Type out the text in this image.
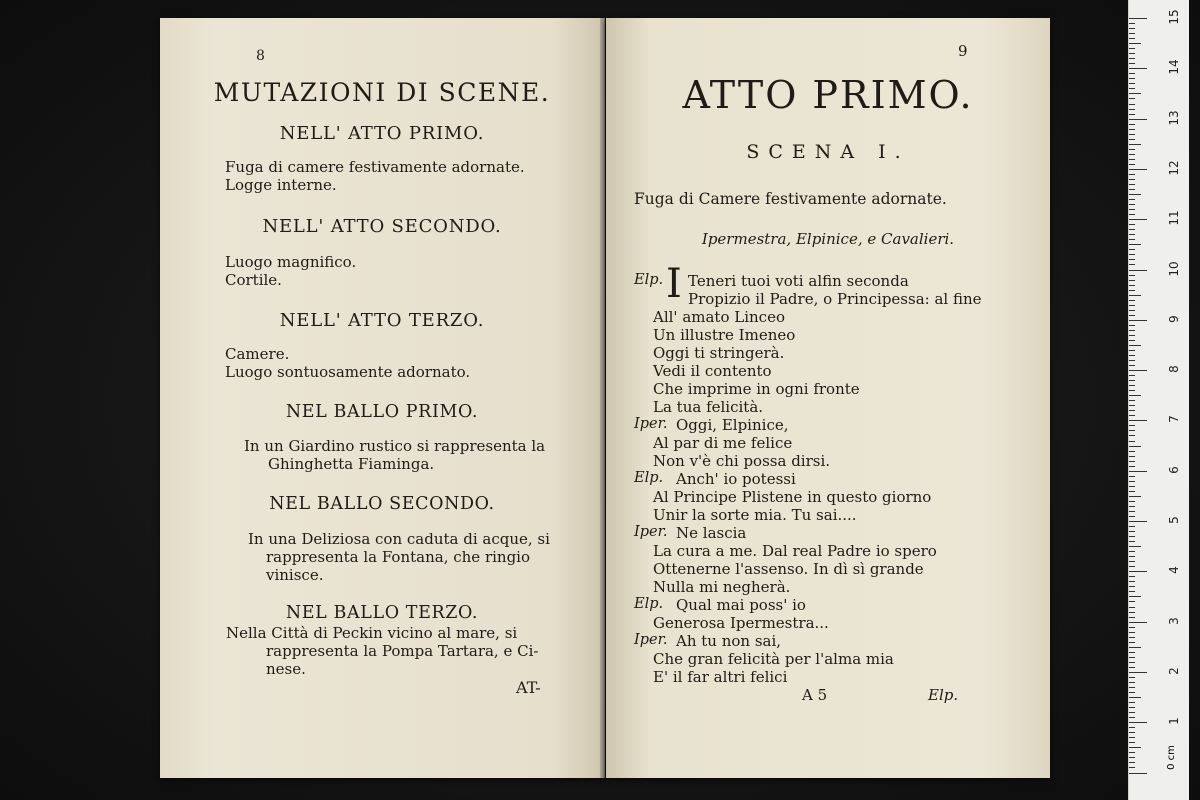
8
MUTAZIONI DI SCENE.
NELL' ATTO PRIMO.
Fuga di camere festivamente adornate.
Logge interne.
NELL' ATTO SECONDO.
Luogo magnifico.
Cortile.
NELL' ATTO TERZO.
Camere.
Luogo sontuosamente adornato.
NEL BALLO PRIMO.
In un Giardino rustico si rappresenta la
Ghinghetta Fiaminga.
NEL BALLO SECONDO.
In una Deliziosa con caduta di acque, si
rappresenta la Fontana, che ringio
vinisce.
NEL BALLO TERZO.
Nella Città di Peckin vicino al mare, si
rappresenta la Pompa Tartara, e Ci-
nese.
AT-
9
ATTO PRIMO.
SCENA I.
Fuga di Camere festivamente adornate.
Ipermestra, Elpinice, e Cavalieri.
I
Elp. Teneri tuoi voti alfin seconda
Propizio il Padre, o Principessa: al fine
All' amato Linceo
Un illustre Imeneo
Oggi ti stringerà.
Vedi il contento
Che imprime in ogni fronte
La tua felicità.
Iper. Oggi, Elpinice,
Al par di me felice
Non v'è chi possa dirsi.
Elp. Anch' io potessi
Al Principe Plistene in questo giorno
Unir la sorte mia. Tu sai....
Iper. Ne lascia
La cura a me. Dal real Padre io spero
Ottenerne l'assenso. In dì sì grande
Nulla mi negherà.
Elp. Qual mai poss' io
Generosa Ipermestra...
Iper. Ah tu non sai,
Che gran felicità per l'alma mia
E' il far altri felici
A 5	Elp.
0 cm
15
14
13
12
11
10
9
8
7
6
5
4
3
2
1
